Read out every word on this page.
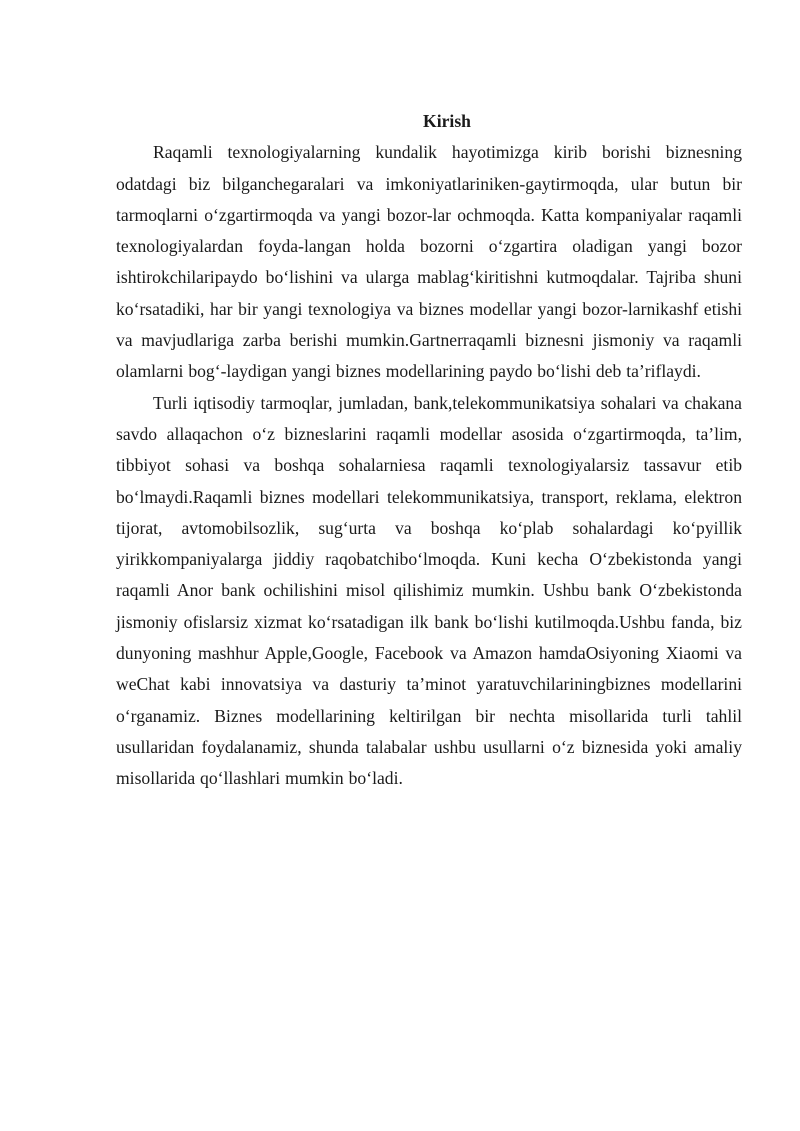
Kirish

Raqamli texnologiyalarning kundalik hayotimizga kirib borishi biznesning odatdagi biz bilganchegaralari va imkoniyatlariniken-gaytirmoqda, ular butun bir tarmoqlarni o‘zgartirmoqda va yangi bozor-lar ochmoqda. Katta kompaniyalar raqamli texnologiyalardan foyda-langan holda bozorni o‘zgartira oladigan yangi bozor ishtirokchilaripaydo bo‘lishini va ularga mablag‘kiritishni kutmoqdalar. Tajriba shuni ko‘rsatadiki, har bir yangi texnologiya va biznes modellar yangi bozor-larnikashf etishi va mavjudlariga zarba berishi mumkin.Gartnerraqamli biznesni jismoniy va raqamli olamlarni bog‘-laydigan yangi biznes modellarining paydo bo‘lishi deb ta’riflaydi.

Turli iqtisodiy tarmoqlar, jumladan, bank,telekommunikatsiya sohalari va chakana savdo allaqachon o‘z bizneslarini raqamli modellar asosida o‘zgartirmoqda, ta’lim, tibbiyot sohasi va boshqa sohalarniesa raqamli texnologiyalarsiz tassavur etib bo‘lmaydi.Raqamli biznes modellari telekommunikatsiya, transport, reklama, elektron tijorat, avtomobilsozlik, sug‘urta va boshqa ko‘plab sohalardagi ko‘pyillik yirikkompaniyalarga jiddiy raqobatchibo‘lmoqda. Kuni kecha O‘zbekistonda yangi raqamli Anor bank ochilishini misol qilishimiz mumkin. Ushbu bank O‘zbekistonda jismoniy ofislarsiz xizmat ko‘rsatadigan ilk bank bo‘lishi kutilmoqda.Ushbu fanda, biz dunyoning mashhur Apple,Google, Facebook va Amazon hamdaOsiyoning Xiaomi va weChat kabi innovatsiya va dasturiy ta’minot yaratuvchilariningbiznes modellarini o‘rganamiz. Biznes modellarining keltirilgan bir nechta misollarida turli tahlil usullaridan foydalanamiz, shunda talabalar ushbu usullarni o‘z biznesida yoki amaliy misollarida qo‘llashlari mumkin bo‘ladi.
